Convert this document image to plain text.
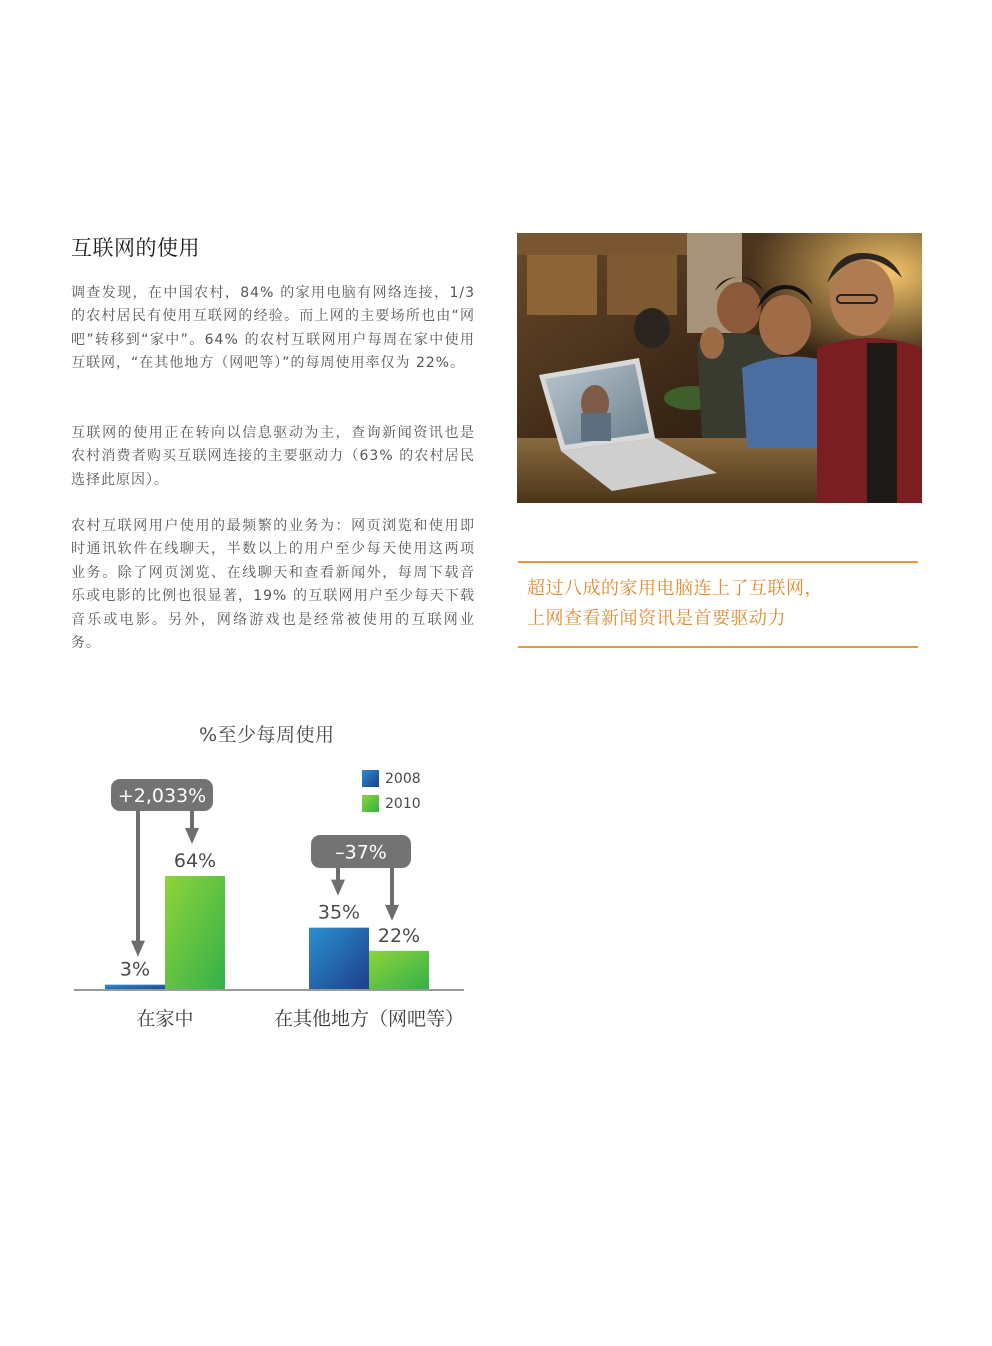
互联网的使用

调查发现，在中国农村，84% 的家用电脑有网络连接，1/3 的农村居民有使用互联网的经验。而上网的主要场所也由“网吧”转移到“家中”。64% 的农村互联网用户每周在家中使用互联网，“在其他地方（网吧等）”的每周使用率仅为 22%。

互联网的使用正在转向以信息驱动为主，查询新闻资讯也是农村消费者购买互联网连接的主要驱动力（63% 的农村居民选择此原因）。

农村互联网用户使用的最频繁的业务为：网页浏览和使用即时通讯软件在线聊天，半数以上的用户至少每天使用这两项业务。除了网页浏览、在线聊天和查看新闻外，每周下载音乐或电影的比例也很显著，19% 的互联网用户至少每天下载音乐或电影。另外，网络游戏也是经常被使用的互联网业务。

超过八成的家用电脑连上了互联网，
上网查看新闻资讯是首要驱动力

%至少每周使用
3%
64%
在家中
35%
22%
在其他地方（网吧等）
2008
2010
+2,033%
–37%
